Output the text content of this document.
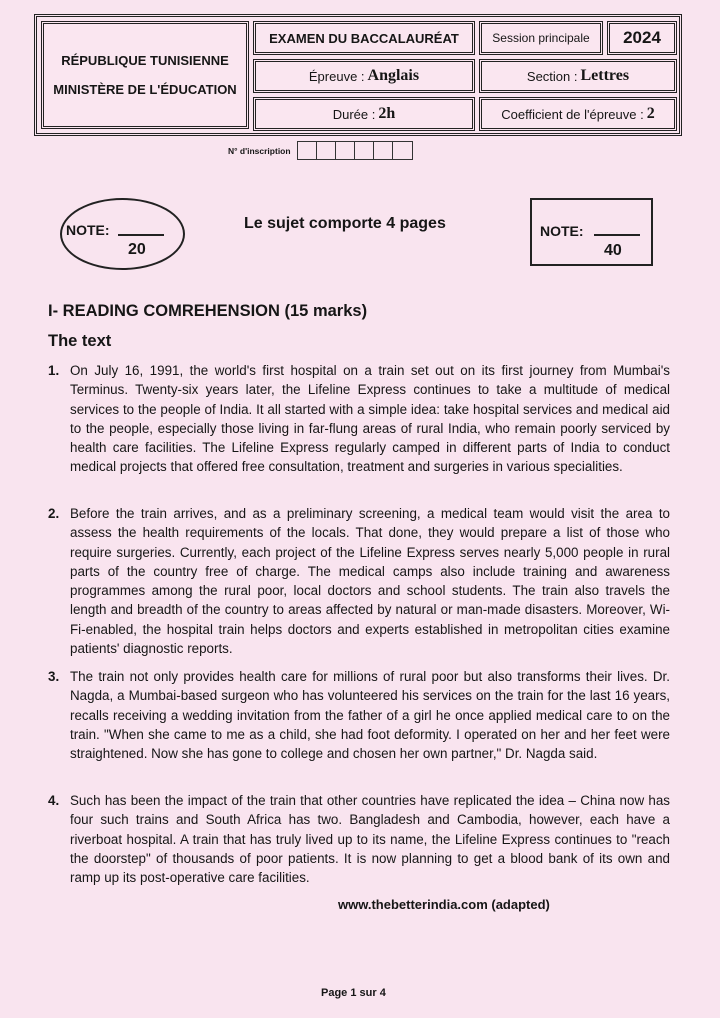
RÉPUBLIQUE TUNISIENNE
MINISTÈRE DE L'ÉDUCATION
EXAMEN DU BACCALAURÉAT	Session principale	2024
Épreuve : Anglais	Section : Lettres
Durée : 2h	Coefficient de l'épreuve : 2
N° d'inscription
NOTE:
20
Le sujet comporte 4 pages	NOTE:
40
I- READING COMREHENSION (15 marks)
The text
1. On July 16, 1991, the world's first hospital on a train set out on its first journey from Mumbai's Terminus. Twenty-six years later, the Lifeline Express continues to take a multitude of medical services to the people of India. It all started with a simple idea: take hospital services and medical aid to the people, especially those living in far-flung areas of rural India, who remain poorly serviced by health care facilities. The Lifeline Express regularly camped in different parts of India to conduct medical projects that offered free consultation, treatment and surgeries in various specialities.
2. Before the train arrives, and as a preliminary screening, a medical team would visit the area to assess the health requirements of the locals. That done, they would prepare a list of those who require surgeries. Currently, each project of the Lifeline Express serves nearly 5,000 people in rural parts of the country free of charge. The medical camps also include training and awareness programmes among the rural poor, local doctors and school students. The train also travels the length and breadth of the country to areas affected by natural or man-made disasters. Moreover, Wi-Fi-enabled, the hospital train helps doctors and experts established in metropolitan cities examine patients' diagnostic reports.
3. The train not only provides health care for millions of rural poor but also transforms their lives. Dr. Nagda, a Mumbai-based surgeon who has volunteered his services on the train for the last 16 years, recalls receiving a wedding invitation from the father of a girl he once applied medical care to on the train. "When she came to me as a child, she had foot deformity. I operated on her and her feet were straightened. Now she has gone to college and chosen her own partner," Dr. Nagda said.
4. Such has been the impact of the train that other countries have replicated the idea – China now has four such trains and South Africa has two. Bangladesh and Cambodia, however, each have a riverboat hospital. A train that has truly lived up to its name, the Lifeline Express continues to "reach the doorstep" of thousands of poor patients. It is now planning to get a blood bank of its own and ramp up its post-operative care facilities.
www.thebetterindia.com (adapted)
Page 1 sur 4
